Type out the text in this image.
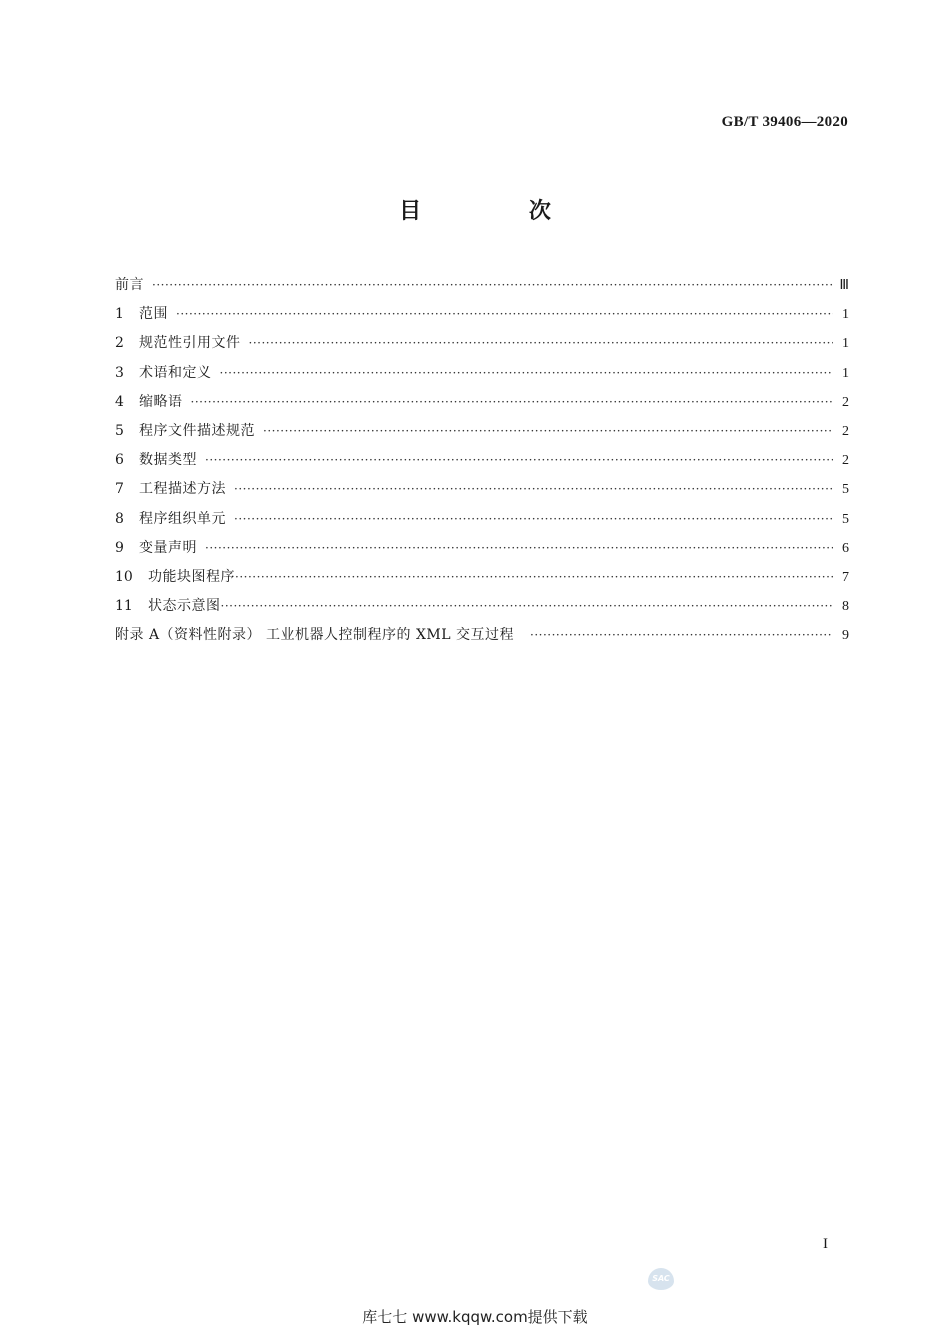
GB/T 39406—2020
目 次
前言 ·····	Ⅲ
1	范围 ·····	1
2	规范性引用文件 ·····	1
3	术语和定义 ·····	1
4	缩略语 ·····	2
5	程序文件描述规范 ·····	2
6	数据类型 ·····	2
7	工程描述方法 ·····	5
8	程序组织单元 ·····	5
9	变量声明 ·····	6
10	功能块图程序 ·····	7
11	状态示意图 ·····	8
附录 A（资料性附录） 工业机器人控制程序的 XML 交互过程 ·····	9
I
SAC
库七七 www.kqqw.com提供下载
